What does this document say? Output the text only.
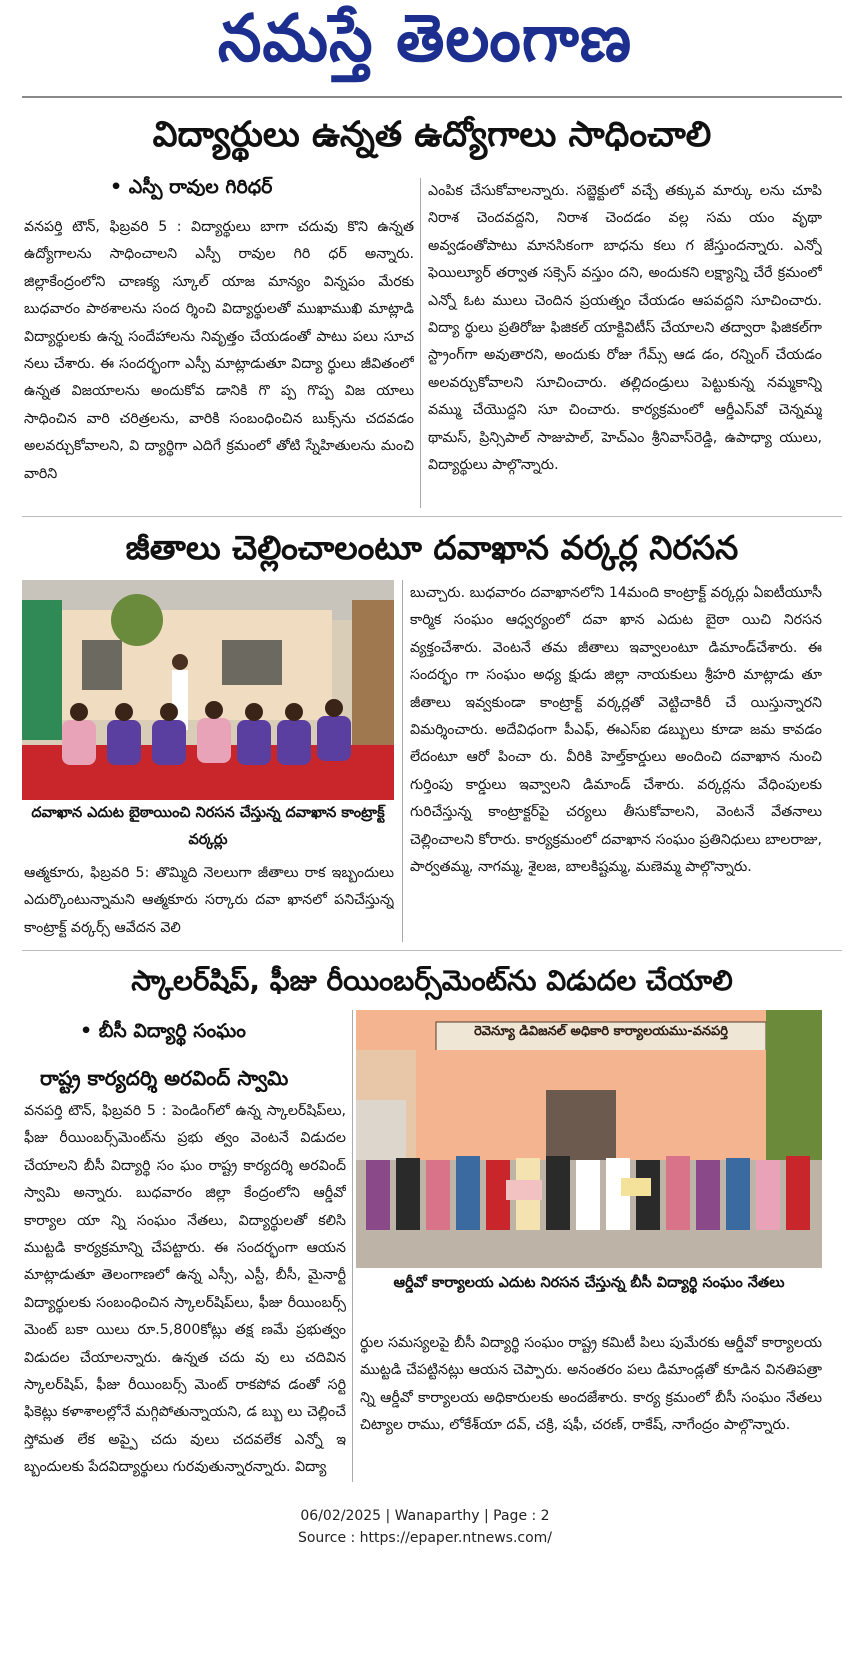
నమస్తే తెలంగాణ
విద్యార్థులు ఉన్నత ఉద్యోగాలు సాధించాలి
• ఎస్పీ రావుల గిరిధర్
వనపర్తి టౌన్, ఫిబ్రవరి 5 : విద్యార్థులు బాగా చదువు కొని ఉన్నత ఉద్యోగాలను సాధించాలని ఎస్పీ రావుల గిరి ధర్ అన్నారు. జిల్లాకేంద్రంలోని చాణక్య స్కూల్ యాజ మాన్యం విన్నపం మేరకు బుధవారం పాఠశాలను సంద ర్శించి విద్యార్థులతో ముఖాముఖి మాట్లాడి విద్యార్థులకు ఉన్న సందేహాలను నివృత్తం చేయడంతో పాటు పలు సూచ నలు చేశారు. ఈ సందర్భంగా ఎస్పీ మాట్లాడుతూ విద్యా ర్థులు జీవితంలో ఉన్నత విజయాలను అందుకోవ డానికి గొ ప్ప గొప్ప విజ యాలు సాధించిన వారి చరిత్రలను, వారికి సంబంధించిన బుక్స్‌ను చదవడం అలవర్చుకోవాలని, వి ద్యార్థిగా ఎదిగే క్రమంలో తోటి స్నేహితులను మంచి వారిని
ఎంపిక చేసుకోవాలన్నారు. సబ్జెక్టులో వచ్చే తక్కువ మార్కు లను చూపి నిరాశ చెందవద్దని, నిరాశ చెందడం వల్ల సమ యం వృథా అవ్వడంతోపాటు మానసికంగా బాధను కలు గ జేస్తుందన్నారు. ఎన్నో ఫెయిల్యూర్ తర్వాత సక్సెస్ వస్తుం దని, అందుకని లక్ష్యాన్ని చేరే క్రమంలో ఎన్నో ఓట ములు చెందిన ప్రయత్నం చేయడం ఆపవద్దని సూచించారు. విద్యా ర్థులు ప్రతిరోజు ఫిజికల్ యాక్టివిటీస్ చేయాలని తద్వారా ఫిజికల్‌గా స్ట్రాంగ్‌గా అవుతారని, అందుకు రోజు గేమ్స్ ఆడ డం, రన్నింగ్ చేయడం అలవర్చుకోవాలని సూచించారు. తల్లిదండ్రులు పెట్టుకున్న నమ్మకాన్ని వమ్ము చేయొద్దని సూ చించారు. కార్యక్రమంలో ఆర్డీఎస్‌వో చెన్నమ్మ థామస్, ప్రిన్సిపాల్ సాజుపాల్, హెచ్‌ఎం శ్రీనివాస్‌రెడ్డి, ఉపాధ్యా యులు, విద్యార్థులు పాల్గొన్నారు.
జీతాలు చెల్లించాలంటూ దవాఖాన వర్కర్ల నిరసన
దవాఖాన ఎదుట బైఠాయించి నిరసన చేస్తున్న దవాఖాన కాంట్రాక్ట్ వర్కర్లు
ఆత్మకూరు, ఫిబ్రవరి 5: తొమ్మిది నెలలుగా జీతాలు రాక ఇబ్బందులు ఎదుర్కొంటున్నామని ఆత్మకూరు సర్కారు దవా ఖానలో పనిచేస్తున్న కాంట్రాక్ట్ వర్కర్స్ ఆవేదన వెలి
బుచ్చారు. బుధవారం దవాఖానలోని 14మంది కాంట్రాక్ట్ వర్కర్లు ఏఐటీయూసీ కార్మిక సంఘం ఆధ్వర్యంలో దవా ఖాన ఎదుట బైఠా యిచి నిరసన వ్యక్తంచేశారు. వెంటనే తమ జీతాలు ఇవ్వాలంటూ డిమాండ్‌చేశారు. ఈ సందర్భం గా సంఘం అధ్య క్షుడు జిల్లా నాయకులు శ్రీహరి మాట్లాడు తూ జీతాలు ఇవ్వకుండా కాంట్రాక్ట్ వర్కర్లతో వెట్టిచాకిరీ చే యిస్తున్నారని విమర్శించారు. అదేవిధంగా పీఎఫ్, ఈఎస్‌ఐ డబ్బులు కూడా జమ కావడం లేదంటూ ఆరో పించా రు. వీరికి హెల్త్‌కార్డులు అందించి దవాఖాన నుంచి గుర్తింపు కార్డులు ఇవ్వాలని డిమాండ్ చేశారు. వర్కర్లను వేధింపులకు గురిచేస్తున్న కాంట్రాక్టర్‌పై చర్యలు తీసుకోవాలని, వెంటనే వేతనాలు చెల్లించాలని కోరారు. కార్యక్రమంలో దవాఖాన సంఘం ప్రతినిధులు బాలరాజు, పార్వతమ్మ, నాగమ్మ, శైలజ, బాలకిష్టమ్మ, మణెమ్మ పాల్గొన్నారు.
స్కాలర్‌షిప్, ఫీజు రీయింబర్స్‌మెంట్‌ను విడుదల చేయాలి
• బీసీ విద్యార్థి సంఘం
రాష్ట్ర కార్యదర్శి అరవింద్ స్వామి
రెవెన్యూ డివిజనల్ అధికారి కార్యాలయము-వనపర్తి
ఆర్డీవో కార్యాలయ ఎదుట నిరసన చేస్తున్న బీసీ విద్యార్థి సంఘం నేతలు
వనపర్తి టౌన్, ఫిబ్రవరి 5 : పెండింగ్‌లో ఉన్న స్కాలర్‌షిప్‌లు, ఫీజు రీయింబర్స్‌మెంట్‌ను ప్రభు త్వం వెంటనే విడుదల చేయాలని బీసీ విద్యార్థి సం ఘం రాష్ట్ర కార్యదర్శి అరవింద్ స్వామి అన్నారు. బుధవారం జిల్లా కేంద్రంలోని ఆర్డీవో కార్యాల యా న్ని సంఘం నేతలు, విద్యార్థులతో కలిసి ముట్టడి కార్యక్రమాన్ని చేపట్టారు. ఈ సందర్భంగా ఆయన మాట్లాడుతూ తెలంగాణలో ఉన్న ఎస్సీ, ఎస్టీ, బీసీ, మైనార్టీ విద్యార్థులకు సంబంధించిన స్కాలర్‌షిప్‌లు, ఫీజు రీయింబర్స్ మెంట్ బకా యిలు రూ.5,800కోట్లు తక్ష ణమే ప్రభుత్వం విడుదల చేయాలన్నారు. ఉన్నత చదు వు లు చదివిన స్కాలర్‌షిప్, ఫీజు రీయింబర్స్ మెంట్ రాకపోవ డంతో సర్టి ఫికెట్లు కళాశాలల్లోనే మగ్గిపోతున్నాయని, డ బ్బు లు చెల్లించే స్తోమత లేక అప్పై చదు వులు చదవలేక ఎన్నో ఇ బ్బందులకు పేదవిద్యార్థులు గురవుతున్నారన్నారు. విద్యా
ర్థుల సమస్యలపై బీసీ విద్యార్థి సంఘం రాష్ట్ర కమిటీ పిలు పుమేరకు ఆర్డీవో కార్యాలయ ముట్టడి చేపట్టినట్లు ఆయన చెప్పారు. అనంతరం పలు డిమాండ్లతో కూడిన వినతిపత్రా న్ని ఆర్డీవో కార్యాలయ అధికారులకు అందజేశారు. కార్య క్రమంలో బీసీ సంఘం నేతలు చిట్యాల రాము, లోకేశ్‌యా దవ్, చక్రి, షఫీ, చరణ్, రాకేష్, నాగేంద్రం పాల్గొన్నారు.
06/02/2025 | Wanaparthy | Page : 2
Source : https://epaper.ntnews.com/
